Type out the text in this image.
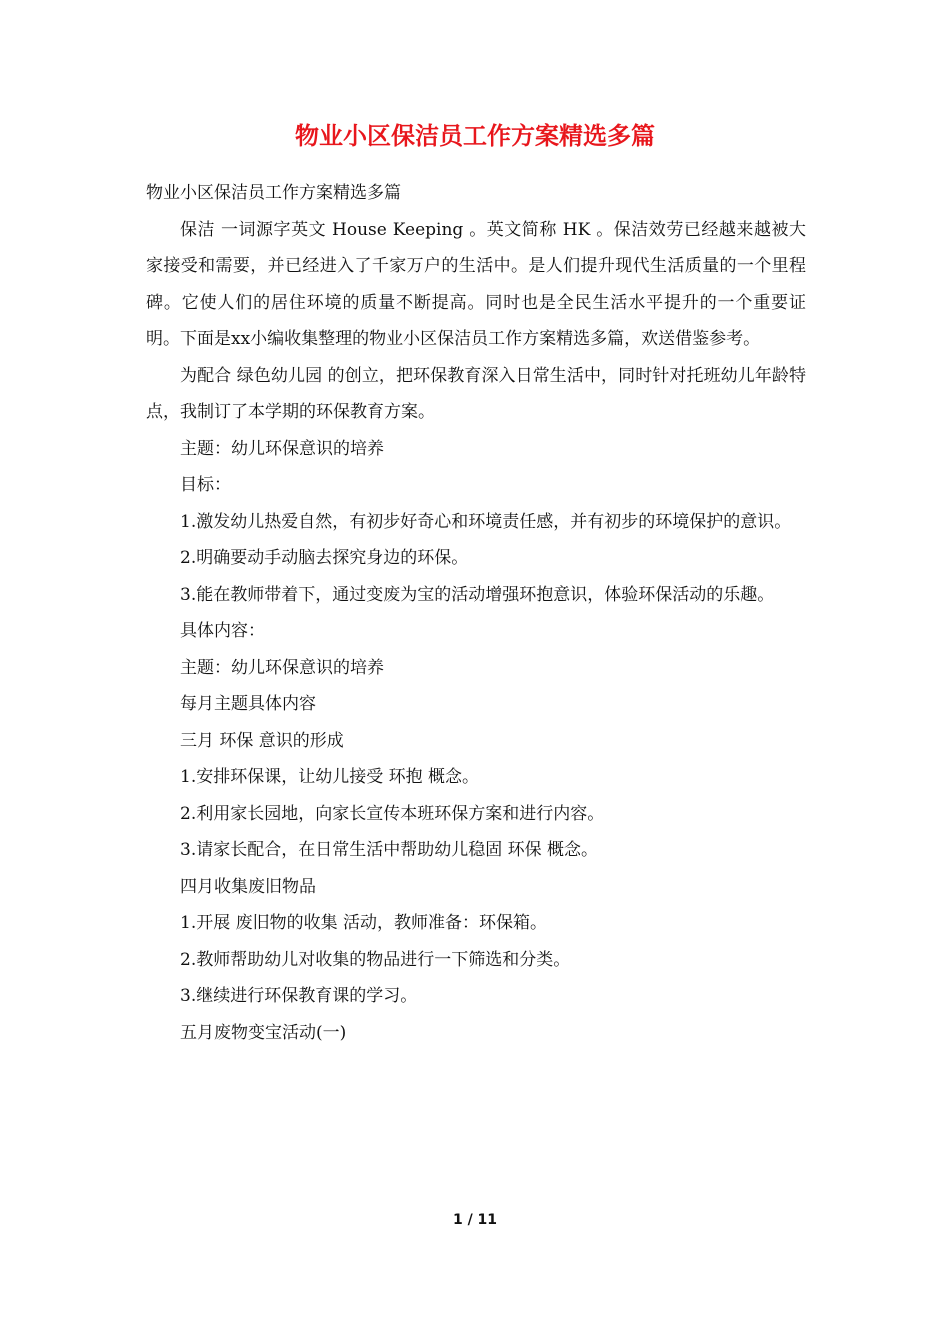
物业小区保洁员工作方案精选多篇

物业小区保洁员工作方案精选多篇

保洁 一词源字英文 House Keeping 。英文简称 HK 。保洁效劳已经越来越被大家接受和需要，并已经进入了千家万户的生活中。是人们提升现代生活质量的一个里程碑。它使人们的居住环境的质量不断提高。同时也是全民生活水平提升的一个重要证明。下面是xx小编收集整理的物业小区保洁员工作方案精选多篇，欢送借鉴参考。

为配合 绿色幼儿园 的创立，把环保教育深入日常生活中，同时针对托班幼儿年龄特点，我制订了本学期的环保教育方案。

主题：幼儿环保意识的培养

目标：

1.激发幼儿热爱自然，有初步好奇心和环境责任感，并有初步的环境保护的意识。

2.明确要动手动脑去探究身边的环保。

3.能在教师带着下，通过变废为宝的活动增强环抱意识，体验环保活动的乐趣。

具体内容：

主题：幼儿环保意识的培养

每月主题具体内容

三月 环保 意识的形成

1.安排环保课，让幼儿接受 环抱 概念。

2.利用家长园地，向家长宣传本班环保方案和进行内容。

3.请家长配合，在日常生活中帮助幼儿稳固 环保 概念。

四月收集废旧物品

1.开展 废旧物的收集 活动，教师准备：环保箱。

2.教师帮助幼儿对收集的物品进行一下筛选和分类。

3.继续进行环保教育课的学习。

五月废物变宝活动(一)

1 / 11
